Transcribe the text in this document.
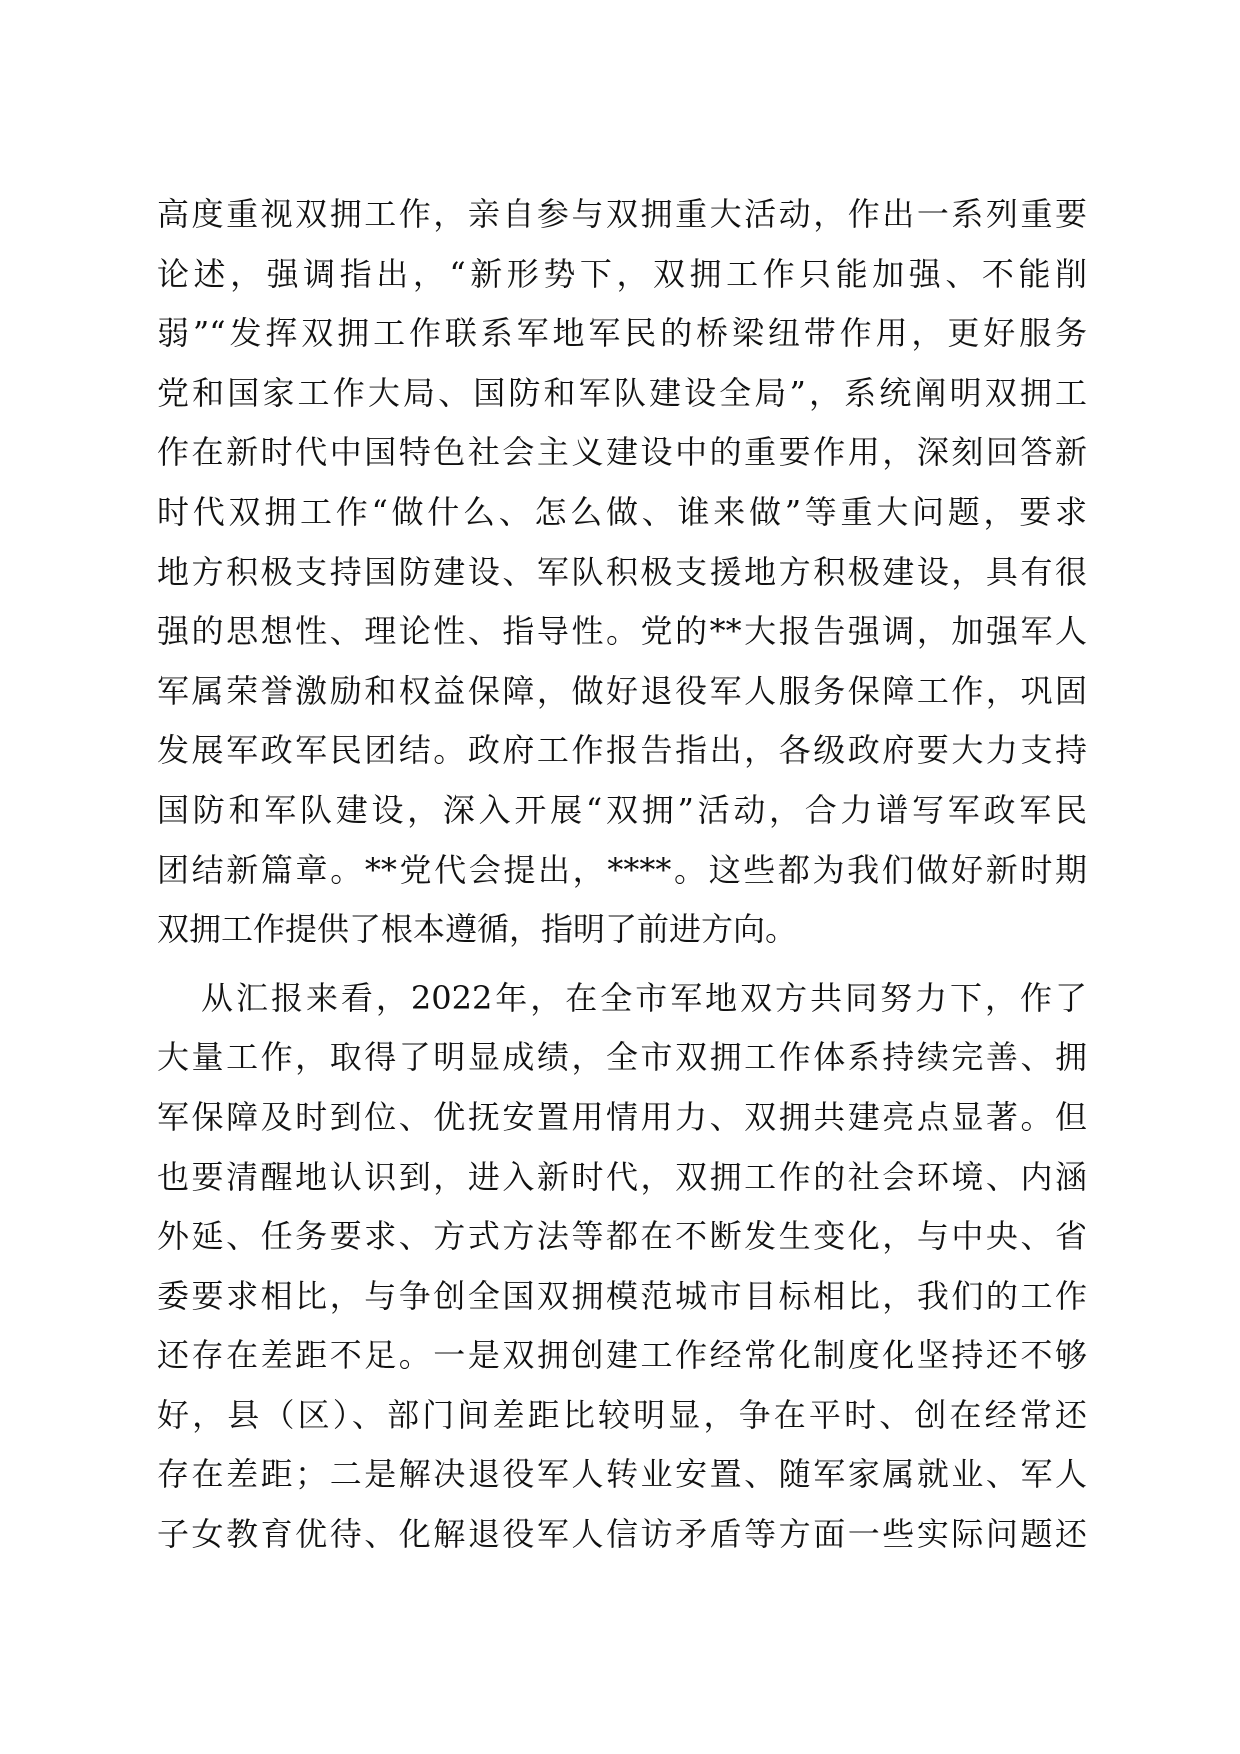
高度重视双拥工作，亲自参与双拥重大活动，作出一系列重要
论述，强调指出，“新形势下，双拥工作只能加强、不能削
弱”“发挥双拥工作联系军地军民的桥梁纽带作用，更好服务
党和国家工作大局、国防和军队建设全局”，系统阐明双拥工
作在新时代中国特色社会主义建设中的重要作用，深刻回答新
时代双拥工作“做什么、怎么做、谁来做”等重大问题，要求
地方积极支持国防建设、军队积极支援地方积极建设，具有很
强的思想性、理论性、指导性。党的**大报告强调，加强军人
军属荣誉激励和权益保障，做好退役军人服务保障工作，巩固
发展军政军民团结。政府工作报告指出，各级政府要大力支持
国防和军队建设，深入开展“双拥”活动，合力谱写军政军民
团结新篇章。**党代会提出，****。这些都为我们做好新时期
双拥工作提供了根本遵循，指明了前进方向。
从汇报来看，2022年，在全市军地双方共同努力下，作了
大量工作，取得了明显成绩，全市双拥工作体系持续完善、拥
军保障及时到位、优抚安置用情用力、双拥共建亮点显著。但
也要清醒地认识到，进入新时代，双拥工作的社会环境、内涵
外延、任务要求、方式方法等都在不断发生变化，与中央、省
委要求相比，与争创全国双拥模范城市目标相比，我们的工作
还存在差距不足。一是双拥创建工作经常化制度化坚持还不够
好，县（区）、部门间差距比较明显，争在平时、创在经常还
存在差距；二是解决退役军人转业安置、随军家属就业、军人
子女教育优待、化解退役军人信访矛盾等方面一些实际问题还
